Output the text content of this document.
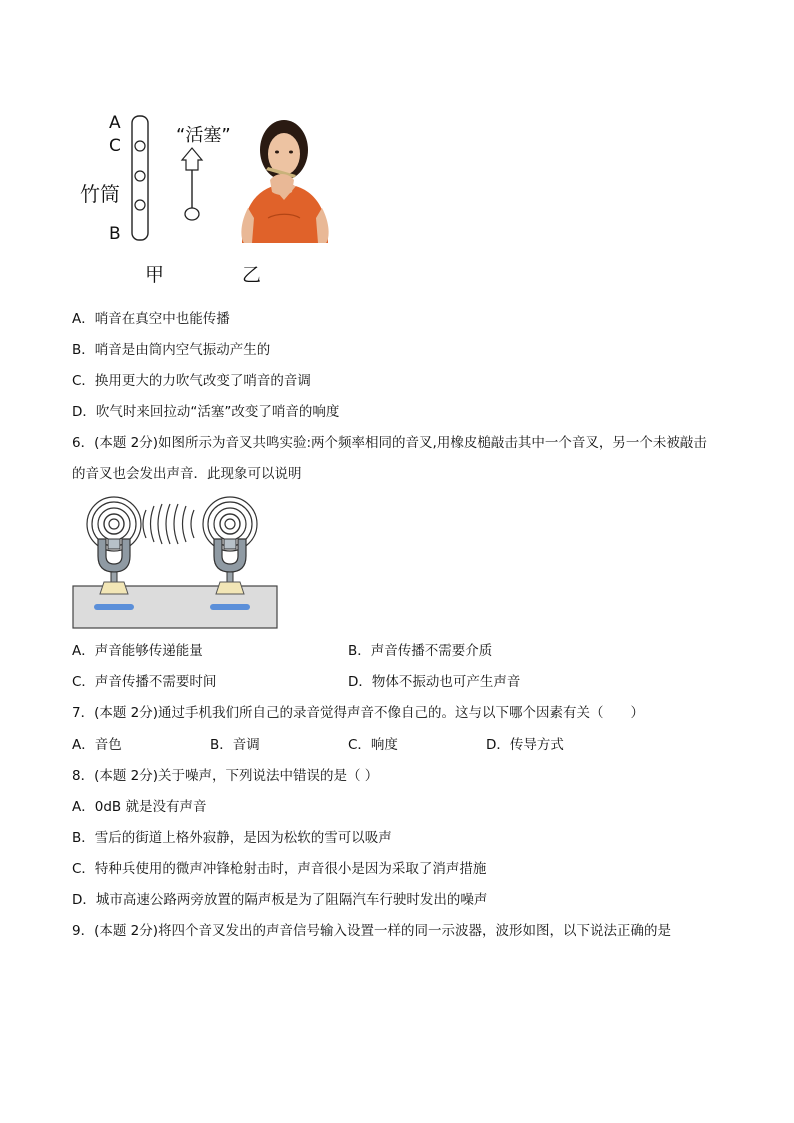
A
C
竹筒
B
“活塞”
甲	乙
A．哨音在真空中也能传播
B．哨音是由筒内空气振动产生的
C．换用更大的力吹气改变了哨音的音调
D．吹气时来回拉动“活塞”改变了哨音的响度
6．(本题 2分)如图所示为音叉共鸣实验:两个频率相同的音叉,用橡皮槌敲击其中一个音叉，另一个未被敲击
的音叉也会发出声音．此现象可以说明
A．声音能够传递能量	B．声音传播不需要介质
C．声音传播不需要时间	D．物体不振动也可产生声音
7．(本题 2分)通过手机我们所自己的录音觉得声音不像自己的。这与以下哪个因素有关（　　）
A．音色	B．音调	C．响度	D．传导方式
8．(本题 2分)关于噪声，下列说法中错误的是（ ）
A．0dB 就是没有声音
B．雪后的街道上格外寂静，是因为松软的雪可以吸声
C．特种兵使用的微声冲锋枪射击时，声音很小是因为采取了消声措施
D．城市高速公路两旁放置的隔声板是为了阻隔汽车行驶时发出的噪声
9．(本题 2分)将四个音叉发出的声音信号输入设置一样的同一示波器，波形如图，以下说法正确的是
